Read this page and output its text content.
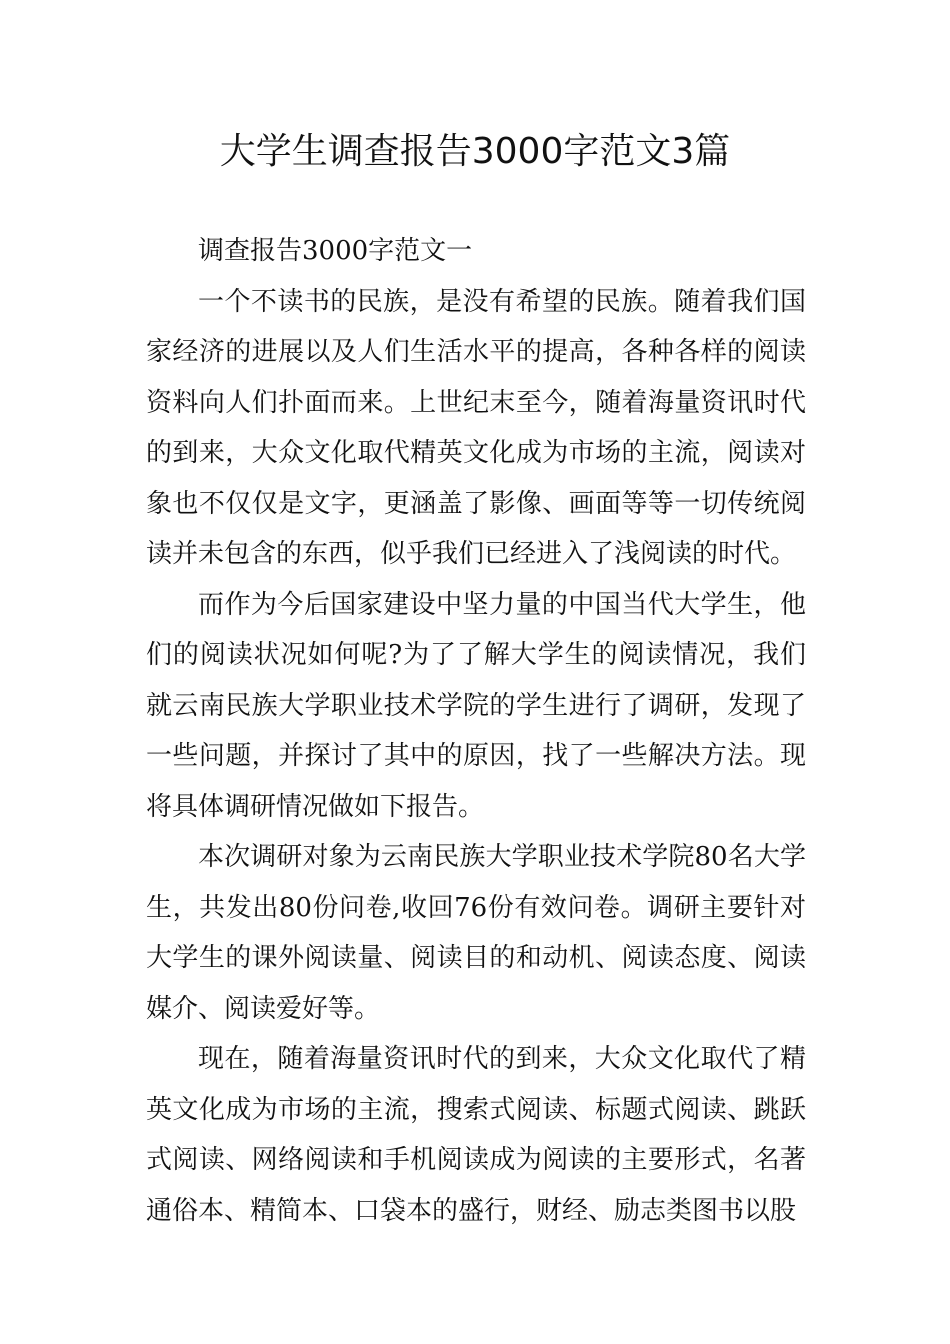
大学生调查报告3000字范文3篇

调查报告3000字范文一

一个不读书的民族，是没有希望的民族。随着我们国家经济的进展以及人们生活水平的提高，各种各样的阅读资料向人们扑面而来。上世纪末至今，随着海量资讯时代的到来，大众文化取代精英文化成为市场的主流，阅读对象也不仅仅是文字，更涵盖了影像、画面等等一切传统阅读并未包含的东西，似乎我们已经进入了浅阅读的时代。

而作为今后国家建设中坚力量的中国当代大学生，他们的阅读状况如何呢?为了了解大学生的阅读情况，我们就云南民族大学职业技术学院的学生进行了调研，发现了一些问题，并探讨了其中的原因，找了一些解决方法。现将具体调研情况做如下报告。

本次调研对象为云南民族大学职业技术学院80名大学生，共发出80份问卷,收回76份有效问卷。调研主要针对大学生的课外阅读量、阅读目的和动机、阅读态度、阅读媒介、阅读爱好等。

现在，随着海量资讯时代的到来，大众文化取代了精英文化成为市场的主流，搜索式阅读、标题式阅读、跳跃式阅读、网络阅读和手机阅读成为阅读的主要形式，名著通俗本、精简本、口袋本的盛行，财经、励志类图书以股
